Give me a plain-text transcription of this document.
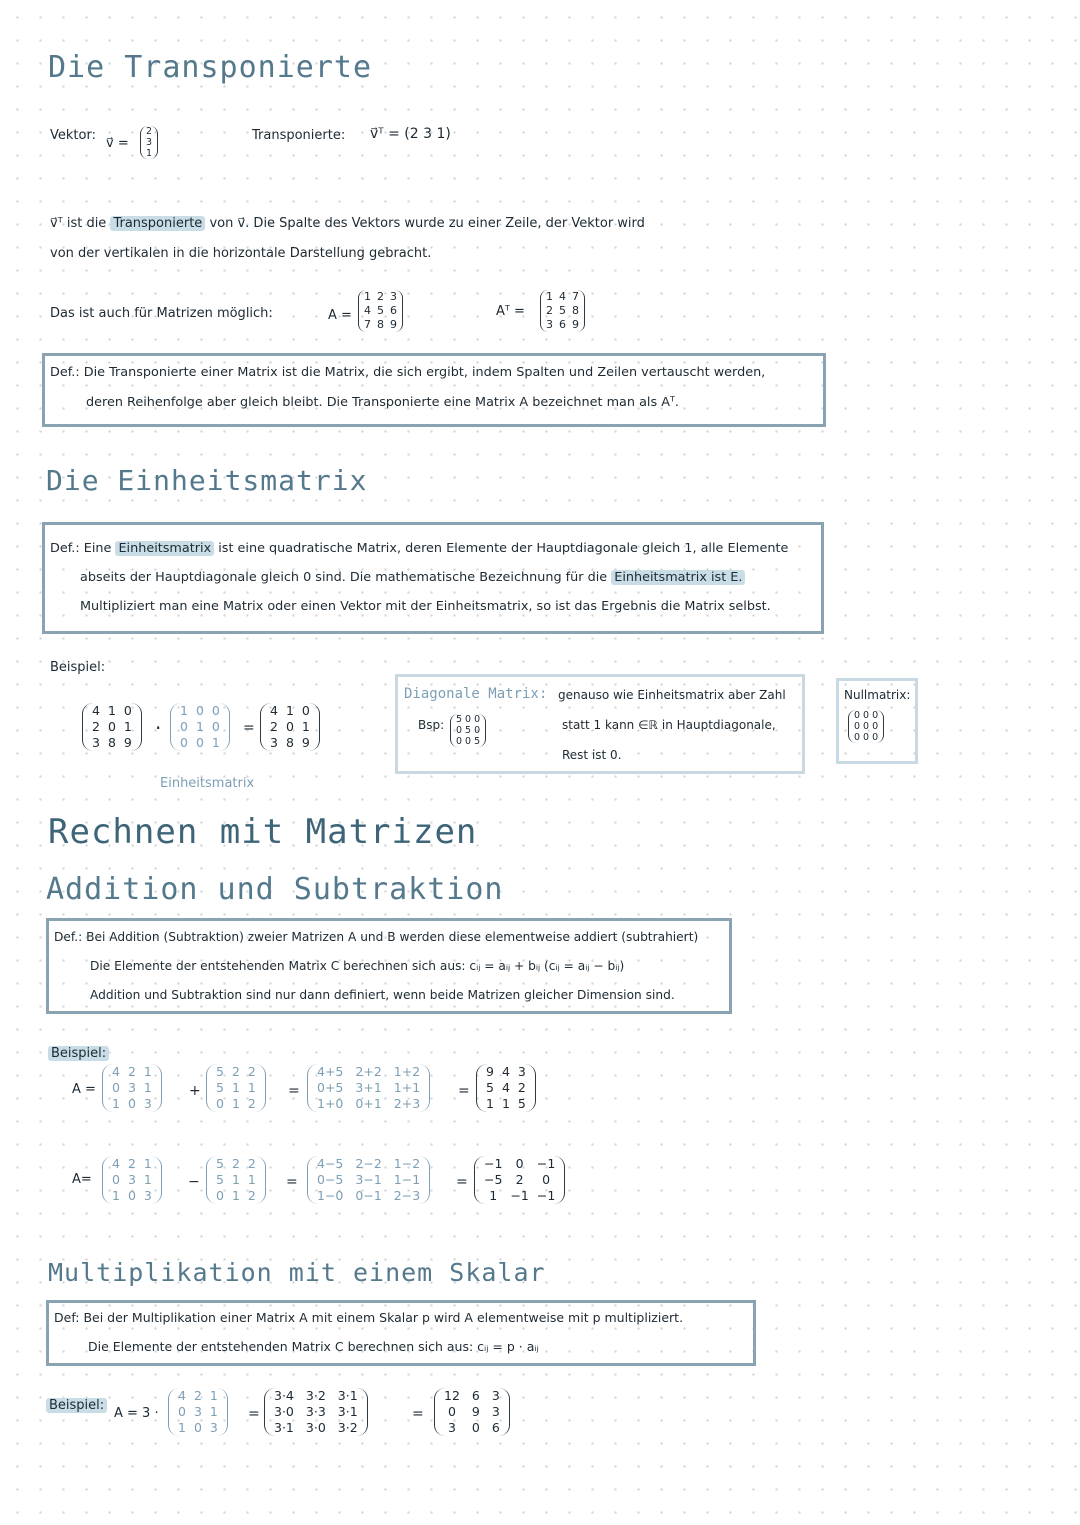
Die Transponierte
Vektor:
v⃗ =
2
3
1
Transponierte: v⃗ᵀ = (2 3 1)
v⃗ᵀ ist die Transponierte von v⃗. Die Spalte des Vektors wurde zu einer Zeile, der Vektor wird
von der vertikalen in die horizontale Darstellung gebracht.
Das ist auch für Matrizen möglich:	A =
1 2 3
4 5 6
7 8 9
Aᵀ =
1 4 7
2 5 8
3 6 9
Def.: Die Transponierte einer Matrix ist die Matrix, die sich ergibt, indem Spalten und Zeilen vertauscht werden,
deren Reihenfolge aber gleich bleibt. Die Transponierte eine Matrix A bezeichnet man als Aᵀ.
Die Einheitsmatrix
Def.: Eine Einheitsmatrix ist eine quadratische Matrix, deren Elemente der Hauptdiagonale gleich 1, alle Elemente
abseits der Hauptdiagonale gleich 0 sind. Die mathematische Bezeichnung für die Einheitsmatrix ist E.
Multipliziert man eine Matrix oder einen Vektor mit der Einheitsmatrix, so ist das Ergebnis die Matrix selbst.
Beispiel:
4 1 0
2 0 1
3 8 9
·
1 0 0
0 1 0
0 0 1
=
4 1 0
2 0 1
3 8 9
Einheitsmatrix
Diagonale Matrix: genauso wie Einheitsmatrix aber Zahl
Bsp: 5 0 0
0 5 0
0 0 5
statt 1 kann ∈ℝ in Hauptdiagonale,
Rest ist 0.
Nullmatrix:
0 0 0
0 0 0
0 0 0
Rechnen mit Matrizen
Addition und Subtraktion
Def.: Bei Addition (Subtraktion) zweier Matrizen A und B werden diese elementweise addiert (subtrahiert)
Die Elemente der entstehenden Matrix C berechnen sich aus: cᵢⱼ = aᵢⱼ + bᵢⱼ (cᵢⱼ = aᵢⱼ − bᵢⱼ)
Addition und Subtraktion sind nur dann definiert, wenn beide Matrizen gleicher Dimension sind.
Beispiel:
A =
4 2 1
0 3 1
1 0 3
+
5 2 2
5 1 1
0 1 2
=
4+5 2+2 1+2
0+5 3+1 1+1
1+0 0+1 2+3
=
9 4 3
5 4 2
1 1 5
A=
4 2 1
0 3 1
1 0 3
−
5 2 2
5 1 1
0 1 2
=
4−5 2−2 1−2
0−5 3−1 1−1
1−0 0−1 2−3
=
−1	0	−1
−5	2	0
1	−1 −1
Multiplikation mit einem Skalar
Def: Bei der Multiplikation einer Matrix A mit einem Skalar p wird A elementweise mit p multipliziert.
Die Elemente der entstehenden Matrix C berechnen sich aus: cᵢⱼ = p · aᵢⱼ
Beispiel:
A = 3 ·
4 2 1
0 3 1
1 0 3
=
3·4 3·2 3·1
3·0 3·3 3·1
3·1 3·0 3·2
=
12 6 3
0	9 3
3	0 6
